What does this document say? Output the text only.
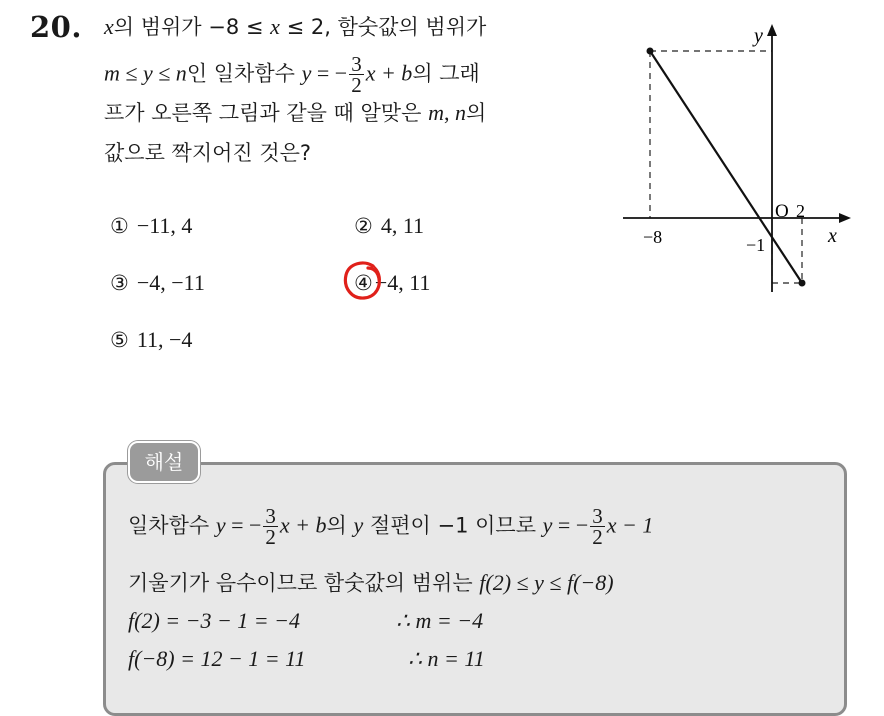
20. x의 범위가 −8 ≤ x ≤ 2, 함숫값의 범위가
m ≤ y ≤ n인 일차함수 y = − $\frac{3}{2}$ x + b의 그래
프가 오른쪽 그림과 같을 때 알맞은 m, n의
값으로 짝지어진 것은?
① −11, 4	② 4, 11
③ −4, −11	④−4, 11
⑤ 11, −4
y
x
O 2
−8	−1
해설
일차함수 y = − $\frac{3}{2}$ x + b의 y 절편이 −1 이므로 y = − $\frac{3}{2}$ x − 1
기울기가 음수이므로 함숫값의 범위는 f(2) ≤ y ≤ f(−8)
f(2) = −3 − 1 = −4	∴ m = −4
f(−8) = 12 − 1 = 11	∴ n = 11
